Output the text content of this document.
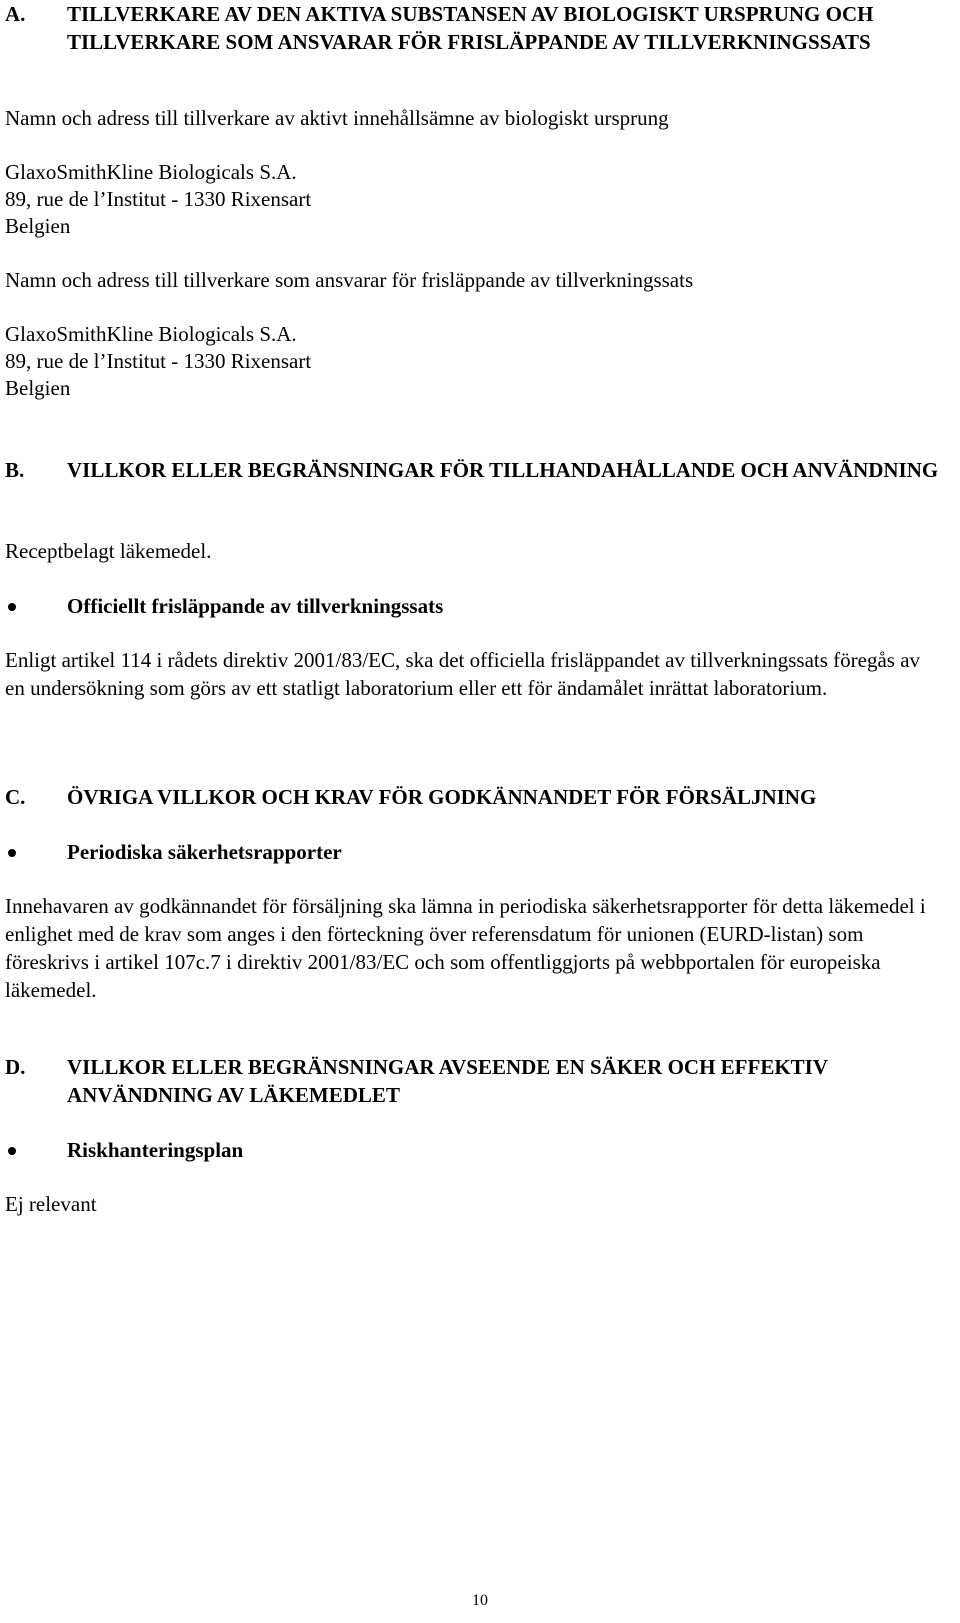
A. TILLVERKARE AV DEN AKTIVA SUBSTANSEN AV BIOLOGISKT URSPRUNG OCH TILLVERKARE SOM ANSVARAR FÖR FRISLÄPPANDE AV TILLVERKNINGSSATS
Namn och adress till tillverkare av aktivt innehållsämne av biologiskt ursprung
GlaxoSmithKline Biologicals S.A.
89, rue de l’Institut - 1330 Rixensart
Belgien
Namn och adress till tillverkare som ansvarar för frisläppande av tillverkningssats
GlaxoSmithKline Biologicals S.A.
89, rue de l’Institut - 1330 Rixensart
Belgien
B. VILLKOR ELLER BEGRÄNSNINGAR FÖR TILLHANDAHÅLLANDE OCH ANVÄNDNING
Receptbelagt läkemedel.
Officiellt frisläppande av tillverkningssats
Enligt artikel 114 i rådets direktiv 2001/83/EC, ska det officiella frisläppandet av tillverkningssats föregås av en undersökning som görs av ett statligt laboratorium eller ett för ändamålet inrättat laboratorium.
C. ÖVRIGA VILLKOR OCH KRAV FÖR GODKÄNNANDET FÖR FÖRSÄLJNING
Periodiska säkerhetsrapporter
Innehavaren av godkännandet för försäljning ska lämna in periodiska säkerhetsrapporter för detta läkemedel i enlighet med de krav som anges i den förteckning över referensdatum för unionen (EURD-listan) som föreskrivs i artikel 107c.7 i direktiv 2001/83/EC och som offentliggjorts på webbportalen för europeiska läkemedel.
D. VILLKOR ELLER BEGRÄNSNINGAR AVSEENDE EN SÄKER OCH EFFEKTIV ANVÄNDNING AV LÄKEMEDLET
Riskhanteringsplan
Ej relevant
10
